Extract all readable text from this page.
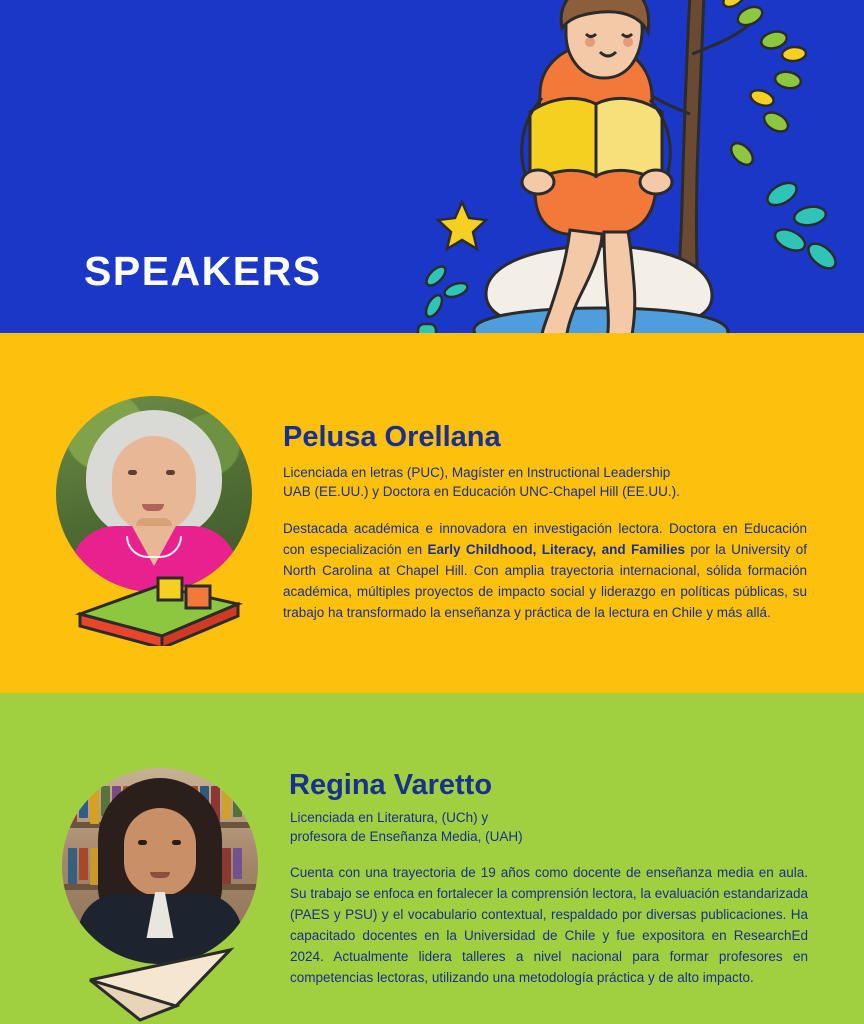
SPEAKERS
Pelusa Orellana
Licenciada en letras (PUC), Magíster en Instructional Leadership
UAB (EE.UU.) y Doctora en Educación UNC-Chapel Hill (EE.UU.).
Destacada académica e innovadora en investigación lectora. Doctora en Educación con especialización en Early Childhood, Literacy, and Families por la University of North Carolina at Chapel Hill. Con amplia trayectoria internacional, sólida formación académica, múltiples proyectos de impacto social y liderazgo en políticas públicas, su trabajo ha transformado la enseñanza y práctica de la lectura en Chile y más allá.
Regina Varetto
Licenciada en Literatura, (UCh) y
profesora de Enseñanza Media, (UAH)
Cuenta con una trayectoria de 19 años como docente de enseñanza media en aula. Su trabajo se enfoca en fortalecer la comprensión lectora, la evaluación estandarizada (PAES y PSU) y el vocabulario contextual, respaldado por diversas publicaciones. Ha capacitado docentes en la Universidad de Chile y fue expositora en ResearchEd 2024. Actualmente lidera talleres a nivel nacional para formar profesores en competencias lectoras, utilizando una metodología práctica y de alto impacto.
